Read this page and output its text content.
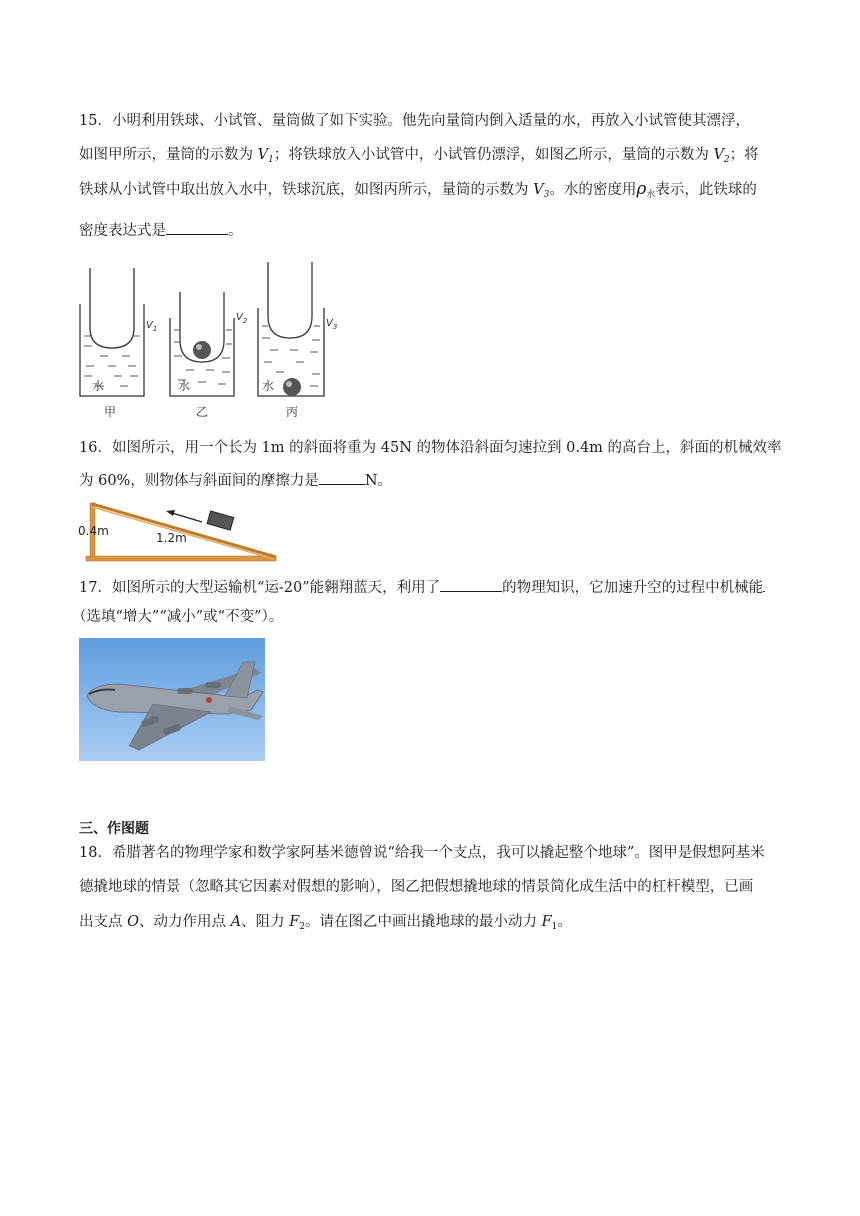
15．小明利用铁球、小试管、量筒做了如下实验。他先向量筒内倒入适量的水，再放入小试管使其漂浮，
如图甲所示，量筒的示数为 $V_1$；将铁球放入小试管中，小试管仍漂浮，如图乙所示，量筒的示数为 $V_2$；将
铁球从小试管中取出放入水中，铁球沉底，如图丙所示，量筒的示数为 $V_3$。水的密度用$\rho_水$表示，此铁球的
密度表达式是	。
$V_1$
水
甲
$V_2$
水
乙
$V_3$
水
丙
16．如图所示，用一个长为 1m 的斜面将重为 45N 的物体沿斜面匀速拉到 0.4m 的高台上，斜面的机械效率
为 60%，则物体与斜面间的摩擦力是	N。
0.4m	1.2m
17．如图所示的大型运输机“运-20”能翱翔蓝天，利用了	的物理知识，它加速升空的过程中机械能
（选填“增大”“减小”或“不变”）。
三、作图题
18．希腊著名的物理学家和数学家阿基米德曾说“给我一个支点，我可以撬起整个地球”。图甲是假想阿基米
德撬地球的情景（忽略其它因素对假想的影响），图乙把假想撬地球的情景简化成生活中的杠杆模型，已画
出支点 O、动力作用点 A、阻力 $F_2$。请在图乙中画出撬地球的最小动力 $F_1$。
